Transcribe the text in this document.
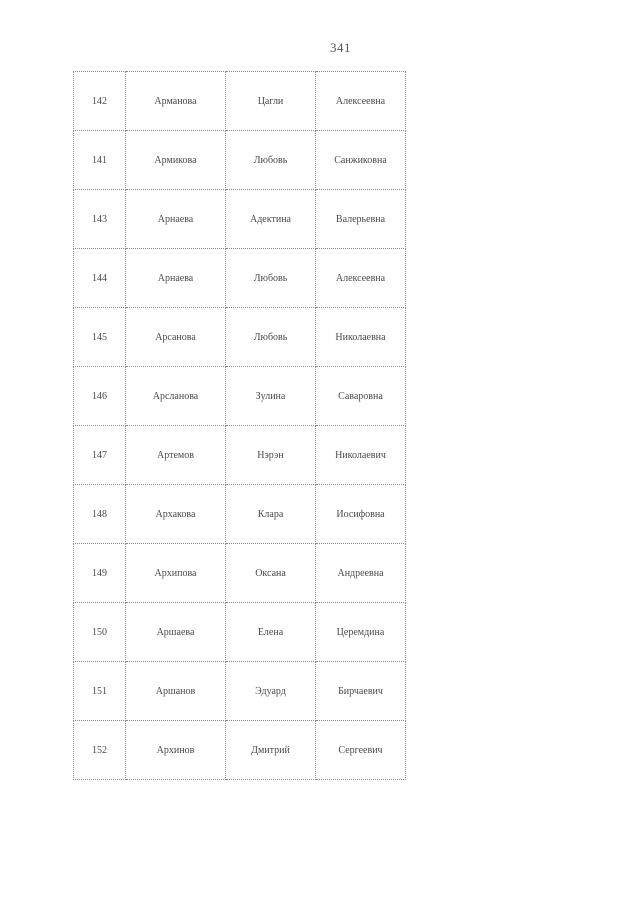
341
142	Арманова	Цагли	Алексеевна
141	Армикова	Любовь	Санжиковна
143	Арнаева	Адектина	Валерьевна
144	Арнаева	Любовь	Алексеевна
145	Арсанова	Любовь	Николаевна
146	Арсланова	Зулина	Саваровна
147	Артемов	Нэрэн	Николаевич
148	Архакова	Клара	Иосифовна
149	Архипова	Оксана	Андреевна
150	Аршаева	Елена	Церемдина
151	Аршанов	Эдуард	Бирчаевич
152	Архинов	Дмитрий	Сергеевич
